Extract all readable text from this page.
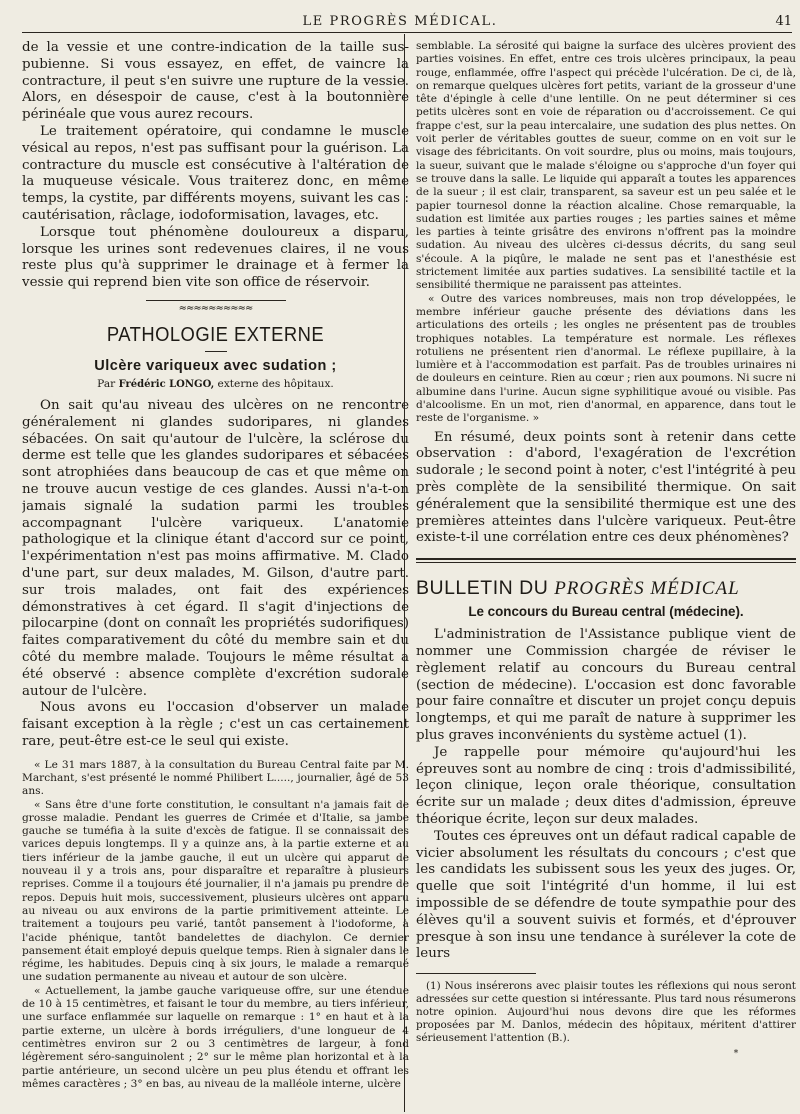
LE PROGRÈS MÉDICAL.	41

de la vessie et une contre-indication de la taille sus-pubienne. Si vous essayez, en effet, de vaincre la contracture, il peut s'en suivre une rupture de la vessie. Alors, en désespoir de cause, c'est à la boutonnière périnéale que vous aurez recours.

Le traitement opératoire, qui condamne le muscle vésical au repos, n'est pas suffisant pour la guérison. La contracture du muscle est consécutive à l'altération de la muqueuse vésicale. Vous traiterez donc, en même temps, la cystite, par différents moyens, suivant les cas : cautérisation, râclage, iodoformisation, lavages, etc.

Lorsque tout phénomène douloureux a disparu, lorsque les urines sont redevenues claires, il ne vous reste plus qu'à supprimer le drainage et à fermer la vessie qui reprend bien vite son office de réservoir.

≈≈≈≈≈≈≈≈≈≈
PATHOLOGIE EXTERNE
Ulcère variqueux avec sudation ;
Par Frédéric LONGO, externe des hôpitaux.

On sait qu'au niveau des ulcères on ne rencontre généralement ni glandes sudoripares, ni glandes sébacées. On sait qu'autour de l'ulcère, la sclérose du derme est telle que les glandes sudoripares et sébacées sont atrophiées dans beaucoup de cas et que même on ne trouve aucun vestige de ces glandes. Aussi n'a-t-on jamais signalé la sudation parmi les troubles accompagnant l'ulcère variqueux. L'anatomie pathologique et la clinique étant d'accord sur ce point, l'expérimentation n'est pas moins affirmative. M. Clado d'une part, sur deux malades, M. Gilson, d'autre part. sur trois malades, ont fait des expériences démonstratives à cet égard. Il s'agit d'injections de pilocarpine (dont on connaît les propriétés sudorifiques) faites comparativement du côté du membre sain et du côté du membre malade. Toujours le même résultat a été observé : absence complète d'excrétion sudorale autour de l'ulcère.

Nous avons eu l'occasion d'observer un malade faisant exception à la règle ; c'est un cas certainement rare, peut-être est-ce le seul qui existe.

« Le 31 mars 1887, à la consultation du Bureau Central faite par M. Marchant, s'est présenté le nommé Philibert L....., journalier, âgé de 53 ans.

« Sans être d'une forte constitution, le consultant n'a jamais fait de grosse maladie. Pendant les guerres de Crimée et d'Italie, sa jambe gauche se tuméfia à la suite d'excès de fatigue. Il se connaissait des varices depuis longtemps. Il y a quinze ans, à la partie externe et au tiers inférieur de la jambe gauche, il eut un ulcère qui apparut de nouveau il y a trois ans, pour disparaître et reparaître à plusieurs reprises. Comme il a toujours été journalier, il n'a jamais pu prendre de repos. Depuis huit mois, successivement, plusieurs ulcères ont apparu au niveau ou aux environs de la partie primitivement atteinte. Le traitement a toujours peu varié, tantôt pansement à l'iodoforme, à l'acide phénique, tantôt bandelettes de diachylon. Ce dernier pansement était employé depuis quelque temps. Rien à signaler dans le régime, les habitudes. Depuis cinq à six jours, le malade a remarqué une sudation permanente au niveau et autour de son ulcère.

« Actuellement, la jambe gauche variqueuse offre, sur une étendue de 10 à 15 centimètres, et faisant le tour du membre, au tiers inférieur, une surface enflammée sur laquelle on remarque : 1° en haut et à la partie externe, un ulcère à bords irréguliers, d'une longueur de 4 centimètres environ sur 2 ou 3 centimètres de largeur, à fond légèrement séro-sanguinolent ; 2° sur le même plan horizontal et à la partie antérieure, un second ulcère un peu plus étendu et offrant les mêmes caractères ; 3° en bas, au niveau de la malléole interne, ulcère

semblable. La sérosité qui baigne la surface des ulcères provient des parties voisines. En effet, entre ces trois ulcères principaux, la peau rouge, enflammée, offre l'aspect qui précède l'ulcération. De ci, de là, on remarque quelques ulcères fort petits, variant de la grosseur d'une tête d'épingle à celle d'une lentille. On ne peut déterminer si ces petits ulcères sont en voie de réparation ou d'accroissement. Ce qui frappe c'est, sur la peau intercalaire, une sudation des plus nettes. On voit perler de véritables gouttes de sueur, comme on en voit sur le visage des fébricitants. On voit sourdre, plus ou moins, mais toujours, la sueur, suivant que le malade s'éloigne ou s'approche d'un foyer qui se trouve dans la salle. Le liquide qui apparaît a toutes les apparences de la sueur ; il est clair, transparent, sa saveur est un peu salée et le papier tournesol donne la réaction alcaline. Chose remarquable, la sudation est limitée aux parties rouges ; les parties saines et même les parties à teinte grisâtre des environs n'offrent pas la moindre sudation. Au niveau des ulcères ci-dessus décrits, du sang seul s'écoule. A la piqûre, le malade ne sent pas et l'anesthésie est strictement limitée aux parties sudatives. La sensibilité tactile et la sensibilité thermique ne paraissent pas atteintes.

« Outre des varices nombreuses, mais non trop développées, le membre inférieur gauche présente des déviations dans les articulations des orteils ; les ongles ne présentent pas de troubles trophiques notables. La température est normale. Les réflexes rotuliens ne présentent rien d'anormal. Le réflexe pupillaire, à la lumière et à l'accommodation est parfait. Pas de troubles urinaires ni de douleurs en ceinture. Rien au cœur ; rien aux poumons. Ni sucre ni albumine dans l'urine. Aucun signe syphilitique avoué ou visible. Pas d'alcoolisme. En un mot, rien d'anormal, en apparence, dans tout le reste de l'organisme. »

En résumé, deux points sont à retenir dans cette observation : d'abord, l'exagération de l'excrétion sudorale ; le second point à noter, c'est l'intégrité à peu près complète de la sensibilité thermique. On sait généralement que la sensibilité thermique est une des premières atteintes dans l'ulcère variqueux. Peut-être existe-t-il une corrélation entre ces deux phénomènes?

BULLETIN DU PROGRÈS MÉDICAL
Le concours du Bureau central (médecine).

L'administration de l'Assistance publique vient de nommer une Commission chargée de réviser le règlement relatif au concours du Bureau central (section de médecine). L'occasion est donc favorable pour faire connaître et discuter un projet conçu depuis longtemps, et qui me paraît de nature à supprimer les plus graves inconvénients du système actuel (1).

Je rappelle pour mémoire qu'aujourd'hui les épreuves sont au nombre de cinq : trois d'admissibilité, leçon clinique, leçon orale théorique, consultation écrite sur un malade ; deux dites d'admission, épreuve théorique écrite, leçon sur deux malades.

Toutes ces épreuves ont un défaut radical capable de vicier absolument les résultats du concours ; c'est que les candidats les subissent sous les yeux des juges. Or, quelle que soit l'intégrité d'un homme, il lui est impossible de se défendre de toute sympathie pour des élèves qu'il a souvent suivis et formés, et d'éprouver presque à son insu une tendance à surélever la cote de leurs

(1) Nous insérerons avec plaisir toutes les réflexions qui nous seront adressées sur cette question si intéressante. Plus tard nous résumerons notre opinion. Aujourd'hui nous devons dire que les réformes proposées par M. Danlos, médecin des hôpitaux, méritent d'attirer sérieusement l'attention (B.).

*
